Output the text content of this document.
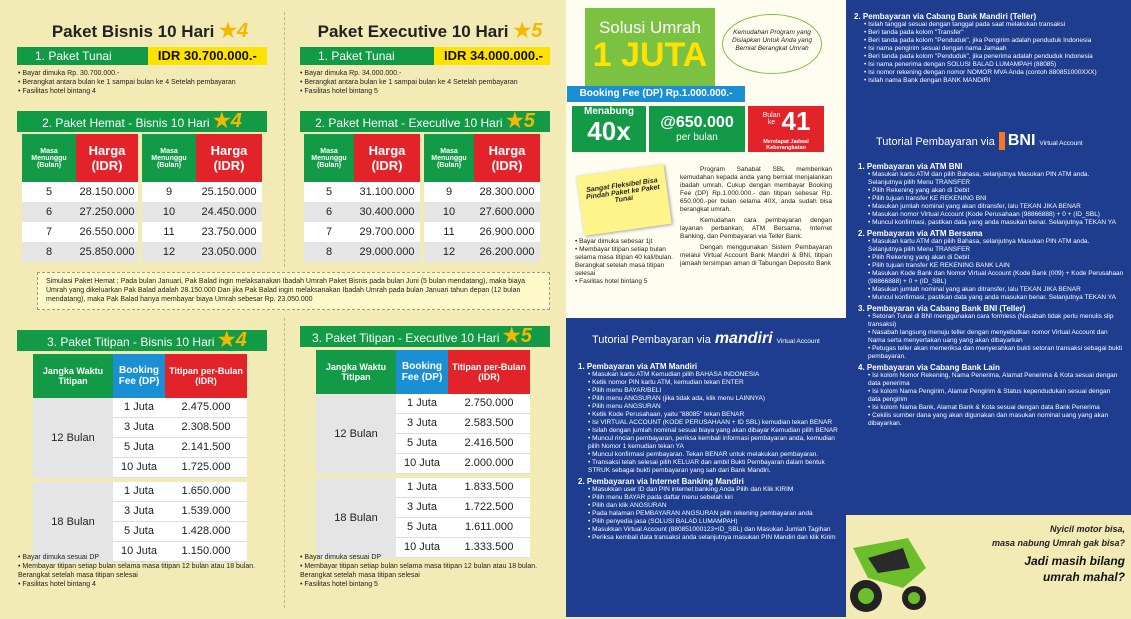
Paket Bisnis 10 Hari ★4
1. Paket Tunai	IDR 30.700.000.-
• Bayar dimuka Rp. 30.700.000.-
• Berangkat antara bulan ke 1 sampai bulan ke 4 Setelah pembayaran
• Fasilitas hotel bintang 4
2. Paket Hemat - Bisnis 10 Hari ★4
Masa Menunggu (Bulan)
Harga (IDR)
Masa Menunggu (Bulan)
Harga (IDR)
5	28.150.000	9	25.150.000
6	27.250.000	10	24.450.000
7	26.550.000	11	23.750.000
8	25.850.000	12	23.050.000
Simulasi Paket Hemat : Pada bulan Januari, Pak Balad ingin melaksanakan Ibadah Umrah Paket Bisnis pada bulan Juni (5 bulan mendatang), maka biaya Umrah yang dikeluarkan Pak Balad adalah 28.150.000 Dan jika Pak Balad ingin melaksanakan Ibadah Umrah pada bulan Januari tahun depan (12 bulan mendatang), maka Pak Balad hanya membayar biaya Umrah sebesar Rp. 23.050.000
3. Paket Titipan - Bisnis 10 Hari ★4
Jangka Waktu Titipan
Booking Fee (DP)
Titipan per-Bulan (IDR)
12 Bulan
1 Juta	2.475.000
3 Juta	2.308.500
5 Juta	2.141.500
10 Juta	1.725.000
18 Bulan
1 Juta	1.650.000
3 Juta	1.539.000
5 Juta	1.428.000
10 Juta	1.150.000
• Bayar dimuka sesuai DP
• Membayar titipan setiap bulan selama masa titipan 12 bulan atau 18 bulan. Berangkat setelah masa titipan selesai
• Fasilitas hotel bintang 4
Paket Executive 10 Hari ★5
1. Paket Tunai	IDR 34.000.000.-
• Bayar dimuka Rp. 34.000.000.-
• Berangkat antara bulan ke 1 sampai bulan ke 4 Setelah pembayaran
• Fasilitas hotel bintang 5
2. Paket Hemat - Executive 10 Hari ★5
Masa Menunggu (Bulan)
Harga (IDR)
Masa Menunggu (Bulan)
Harga (IDR)
5	31.100.000	9	28.300.000
6	30.400.000	10	27.600.000
7	29.700.000	11	26.900.000
8	29.000.000	12	26.200.000
3. Paket Titipan - Executive 10 Hari ★5
Jangka Waktu Titipan
Booking Fee (DP)
Titipan per-Bulan (IDR)
12 Bulan
1 Juta	2.750.000
3 Juta	2.583.500
5 Juta	2.416.500
10 Juta	2.000.000
18 Bulan
1 Juta	1.833.500
3 Juta	1.722.500
5 Juta	1.611.000
10 Juta	1.333.500
• Bayar dimuka sesuai DP
• Membayar titipan setiap bulan selama masa titipan 12 bulan atau 18 bulan. Berangkat setelah masa titipan selesai
• Fasilitas hotel bintang 5
Solusi Umrah
1 JUTA
Kemudahan Program yang Disiapkan Untuk Anda yang Berniat Berangkat Umrah
Booking Fee (DP) Rp.1.000.000.-
Menabung
40x	@650.000
per bulan
Bulan ke 41
Mendapat Jadwal Keberangkatan
Sangat Fleksibel Bisa Pindah Paket ke Paket Tunai

Program Sahabat SBL memberikan kemudahan kepada anda yang berniat menjalankan ibadah umrah. Cukup dengan membayar Booking Fee (DP) Rp.1.000.000.- dan titipan sebesar Rp. 650.000.-per bulan selama 40X, anda sudah bisa berangkat umrah.

Kemudahan cara pembayaran dengan layanan perbankan; ATM Bersama, Internet Banking, dan Pembayaran via Teller Bank.

Dengan menggunakan Sistem Pembayaran melalui Virtual Account Bank Mandiri & BNI, titipan jamaah tersimpan aman di Tabungan Deposito Bank

• Bayar dimuka sebesar 1jt
• Membayar titipan setiap bulan selama masa titipan 40 kali/bulan. Berangkat setelah masa titipan selesai
• Fasilitas hotel bintang 5
Tutorial Pembayaran via mandiri Virtual Account
1. Pembayaran via ATM Mandiri
• Masukan kartu ATM Kemudian pilih BAHASA INDONESIA
• Ketik nomor PIN kartu ATM, kemudian tekan ENTER
• Pilih menu BAYAR/BELI
• Pilih menu ANGSURAN (jika tidak ada, klik menu LAINNYA)
• Pilih menu ANGSURAN
• Ketik Kode Perusahaan, yaitu "88085" tekan BENAR
• Isi VIRTUAL ACCOUNT (KODE PERUSAHAAN + ID SBL) kemudian tekan BENAR
• Isilah dengan jumlah nominal sesuai biaya yang akan dibayar Kemudian pilih BENAR
• Muncul rincian pembayaran, periksa kembali informasi pembayaran anda, kemudian pilih Nomor 1 kemudian tekan YA
• Muncul konfirmasi pembayaran. Tekan BENAR untuk melakukan pembayaran.
• Transaksi telah selesai pilih KELUAR dan ambil Bukti Pembayaran dalam bentuk STRUK sebagai bukti pembayaran yang sah dari Bank Mandiri.
2. Pembayaran via Internet Banking Mandiri
• Masukkan user ID dan PIN internet banking Anda Pilih dan Klik KIRIM
• Pilih menu BAYAR pada daftar menu sebelah kiri
• Pilih dan klik ANGSURAN
• Pada halaman PEMBAYARAN ANGSURAN pilih rekening pembayaran anda
• Pilih penyedia jasa (SOLUSI BALAD LUMAMPAH)
• Masukkan Virtual Account (880851000123+ID_SBL) dan Masukan Jumlah Tagihan
• Periksa kembali data transaksi anda selanjutnya masukan PIN Mandiri dan klik Kirim
2. Pembayaran via Cabang Bank Mandiri (Teller)
• Isilah tanggal sesuai dengan tanggal pada saat melakukan transaksi
• Beri tanda pada kolom "Transfer"
• Beri tanda pada kolom "Penduduk", jika Pengirim adalah penduduk Indonesia
• Isi nama pengirim sesuai dengan nama Jamaah
• Beri tanda pada kolom "Penduduk", jika penerima adalah penduduk Indonesia
• Isi nama penerima dengan SOLUSI BALAD LUMAMPAH (88085)
• Isi nomor rekening dengan nomor NOMOR MVA Anda (contoh 880851000XXX)
• Isilah nama Bank dengan BANK MANDIRI
Tutorial Pembayaran via BNI Virtual Account
1. Pembayaran via ATM BNI
• Masukan kartu ATM dan pilih Bahasa, selanjutnya Masukan PIN ATM anda. Selanjutnya pilih Menu TRANSFER
• Pilih Rekening yang akan di Debit
• Pilih tujuan transfer KE REKENING BNI
• Masukan jumlah nominal yang akan ditransfer, lalu TEKAN JIKA BENAR
• Masukan nomor Virtual Account (Kode Perusahaan (98866888) + 0 + (ID_SBL)
• Muncul konfirmasi, pastikan data yang anda masukan benar. Selanjutnya TEKAN YA
2. Pembayaran via ATM Bersama
• Masukan kartu ATM dan pilih Bahasa, selanjutnya Masukan PIN ATM anda. Selanjutnya pilih Menu TRANSFER
• Pilih Rekening yang akan di Debit
• Pilih tujuan transfer KE REKENING BANK LAIN
• Masukan Kode Bank dan Nomor Virtual Account (Kode Bank (009) + Kode Perusahaan (98866888) + 0 + (ID_SBL)
• Masukan jumlah nominal yang akan ditransfer, lalu TEKAN JIKA BENAR
• Muncul konfirmasi, pastikan data yang anda masukan benar. Selanjutnya TEKAN YA
3. Pembayaran via Cabang Bank BNI (Teller)
• Setoran Tunai di BNI menggunakan cara formless (Nasabah tidak perlu menulis slip transaksi)
• Nasabah langsung menuju teller dengan menyebutkan nomor Virtual Account dan Nama serta menyertakan uang yang akan dibayarkan
• Petugas teller akan memeriksa dan menyerahkan bukti setoran transaksi sebagai bukti pembayaran.
4. Pembayaran via Cabang Bank Lain
• Isi kolom Nomor Rekening, Nama Penerima, Alamat Penerima & Kota sesuai dengan data penerima
• Isi kolom Nama Pengirim, Alamat Pengirim & Status kependudukan sesuai dengan data pengirim
• Isi kolom Nama Bank, Alamat Bank & Kota sesuai dengan data Bank Penerima
• Cekilis sumber dana yang akan digunakan dan masukan nominal uang yang akan dibayarkan.
Nyicil motor bisa,
masa nabung Umrah gak bisa?
Jadi masih bilang
umrah mahal?
